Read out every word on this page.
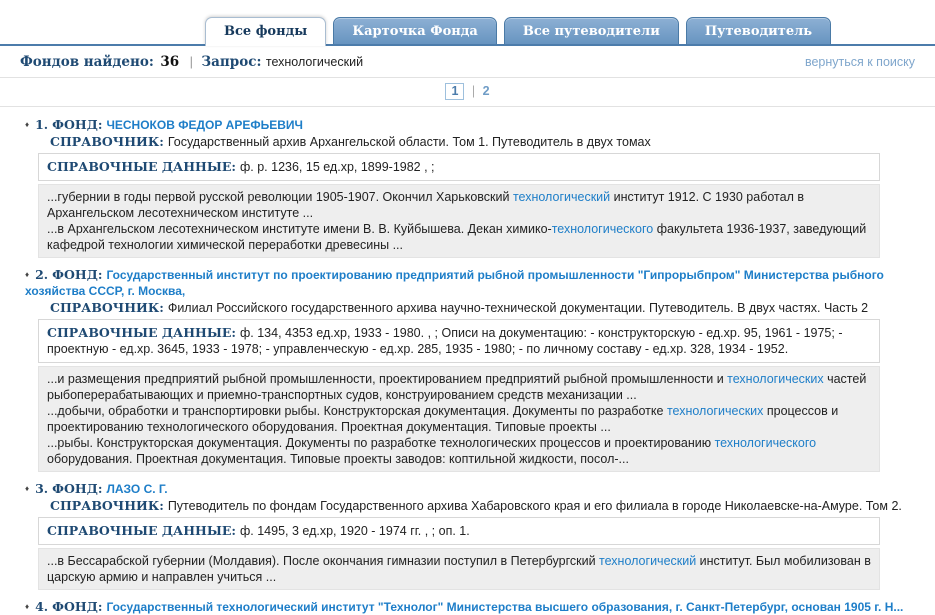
Все фонды	Карточка Фонда	Все путеводители	Путеводитель
Фондов найдено: 36 | Запрос: технологический	вернуться к поиску
1 | 2
♦ 1. ФОНД: ЧЕСНОКОВ ФЕДОР АРЕФЬЕВИЧ
СПРАВОЧНИК: Государственный архив Архангельской области. Том 1. Путеводитель в двух томах
СПРАВОЧНЫЕ ДАННЫЕ: ф. р. 1236, 15 ед.хр, 1899-1982 , ;

...губернии в годы первой русской революции 1905-1907. Окончил Харьковский технологический институт 1912. С 1930 работал в Архангельском лесотехническом институте ...

...в Архангельском лесотехническом институте имени В. В. Куйбышева. Декан химико-технологического факультета 1936-1937, заведующий кафедрой технологии химической переработки древесины ...

♦ 2. ФОНД: Государственный институт по проектированию предприятий рыбной промышленности "Гипрорыбпром" Министерства рыбного хозяйства СССР, г. Москва,
СПРАВОЧНИК: Филиал Российского государственного архива научно-технической документации. Путеводитель. В двух частях. Часть 2
СПРАВОЧНЫЕ ДАННЫЕ: ф. 134, 4353 ед.хр, 1933 - 1980. , ; Описи на документацию: - конструкторскую - ед.хр. 95, 1961 - 1975; - проектную - ед.хр. 3645, 1933 - 1978; - управленческую - ед.хр. 285, 1935 - 1980; - по личному составу - ед.хр. 328, 1934 - 1952.

...и размещения предприятий рыбной промышленности, проектированием предприятий рыбной промышленности и технологических частей рыбоперерабатывающих и приемно-транспортных судов, конструированием средств механизации ...

...добычи, обработки и транспортировки рыбы. Конструкторская документация. Документы по разработке технологических процессов и проектированию технологического оборудования. Проектная документация. Типовые проекты ...

...рыбы. Конструкторская документация. Документы по разработке технологических процессов и проектированию технологического оборудования. Проектная документация. Типовые проекты заводов: коптильной жидкости, посол-...

♦ 3. ФОНД: ЛАЗО С. Г.
СПРАВОЧНИК: Путеводитель по фондам Государственного архива Хабаровского края и его филиала в городе Николаевске-на-Амуре. Том 2.
СПРАВОЧНЫЕ ДАННЫЕ: ф. 1495, 3 ед.хр, 1920 - 1974 гг. , ; оп. 1.

...в Бессарабской губернии (Молдавия). После окончания гимназии поступил в Петербургский технологический институт. Был мобилизован в царскую армию и направлен учиться ...

♦ 4. ФОНД: Государственный технологический институт "Технолог" Министерства высшего образования, г. Санкт-Петербург, основан 1905 г. Н...
